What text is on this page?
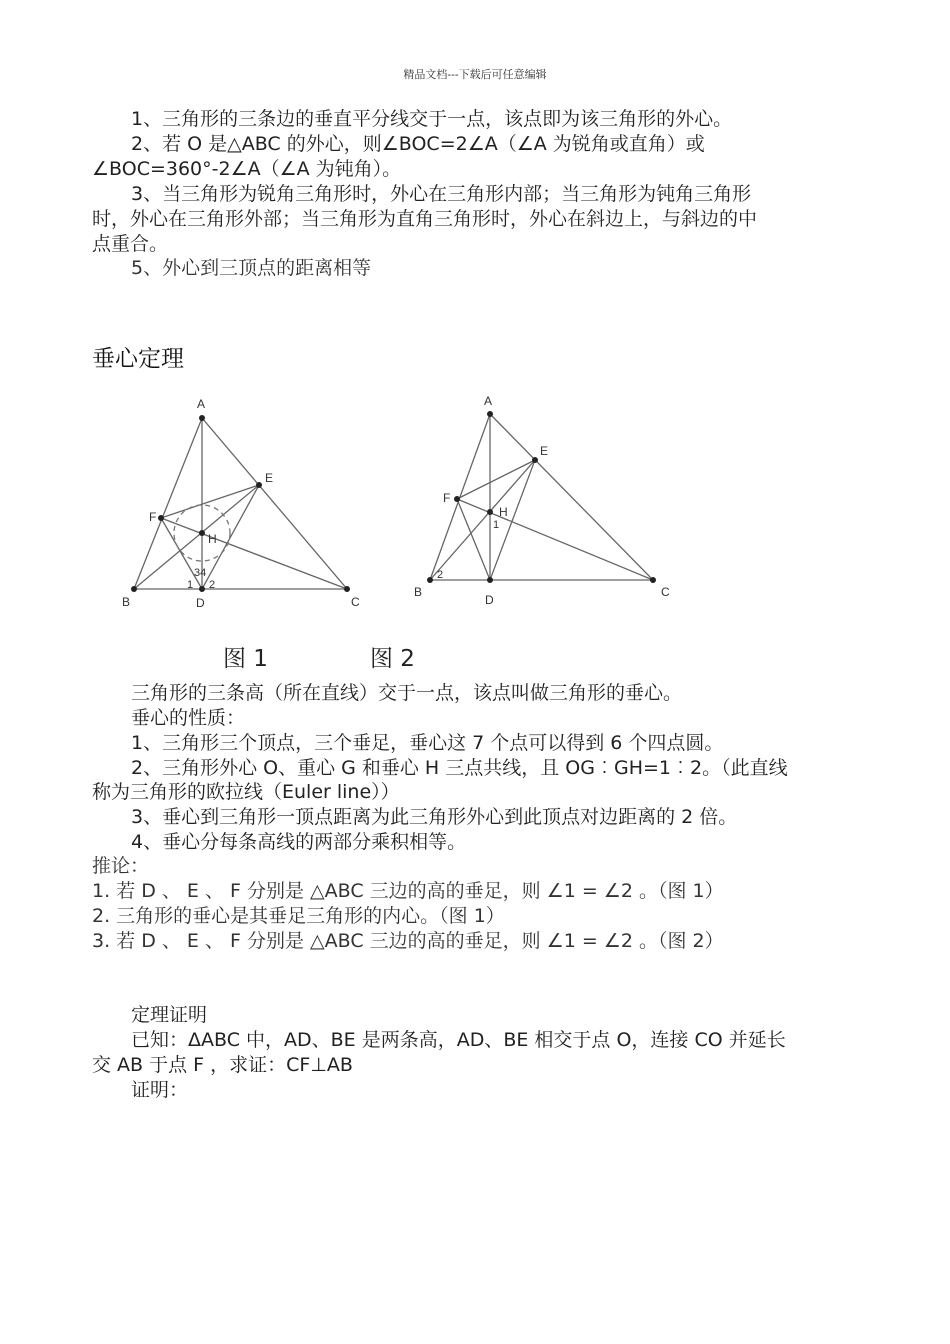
精品文档---下载后可任意编辑
1、三角形的三条边的垂直平分线交于一点，该点即为该三角形的外心。
2、若 O 是△ABC 的外心，则∠BOC=2∠A（∠A 为锐角或直角）或
∠BOC=360°-2∠A（∠A 为钝角）。
3、当三角形为锐角三角形时，外心在三角形内部；当三角形为钝角三角形
时，外心在三角形外部；当三角形为直角三角形时，外心在斜边上，与斜边的中
点重合。
5、外心到三顶点的距离相等
垂心定理
A
B	C
D
E
F
H
1 2
34
A
B	C
D
E
F
H
1
2
图 1	图 2
三角形的三条高（所在直线）交于一点，该点叫做三角形的垂心。
垂心的性质：
1、三角形三个顶点，三个垂足，垂心这 7 个点可以得到 6 个四点圆。
2、三角形外心 O、重心 G 和垂心 H 三点共线，且 OG︰GH=1︰2。（此直线
称为三角形的欧拉线（Euler line））
3、垂心到三角形一顶点距离为此三角形外心到此顶点对边距离的 2 倍。
4、垂心分每条高线的两部分乘积相等。
推论：
1. 若 D 、 E 、 F 分别是 △ABC 三边的高的垂足，则 ∠1 = ∠2 。（图 1）
2. 三角形的垂心是其垂足三角形的内心。（图 1）
3. 若 D 、 E 、 F 分别是 △ABC 三边的高的垂足，则 ∠1 = ∠2 。（图 2）
定理证明
已知：ΔABC 中，AD、BE 是两条高，AD、BE 相交于点 O，连接 CO 并延长
交 AB 于点 F ，求证：CF⊥AB
证明：
